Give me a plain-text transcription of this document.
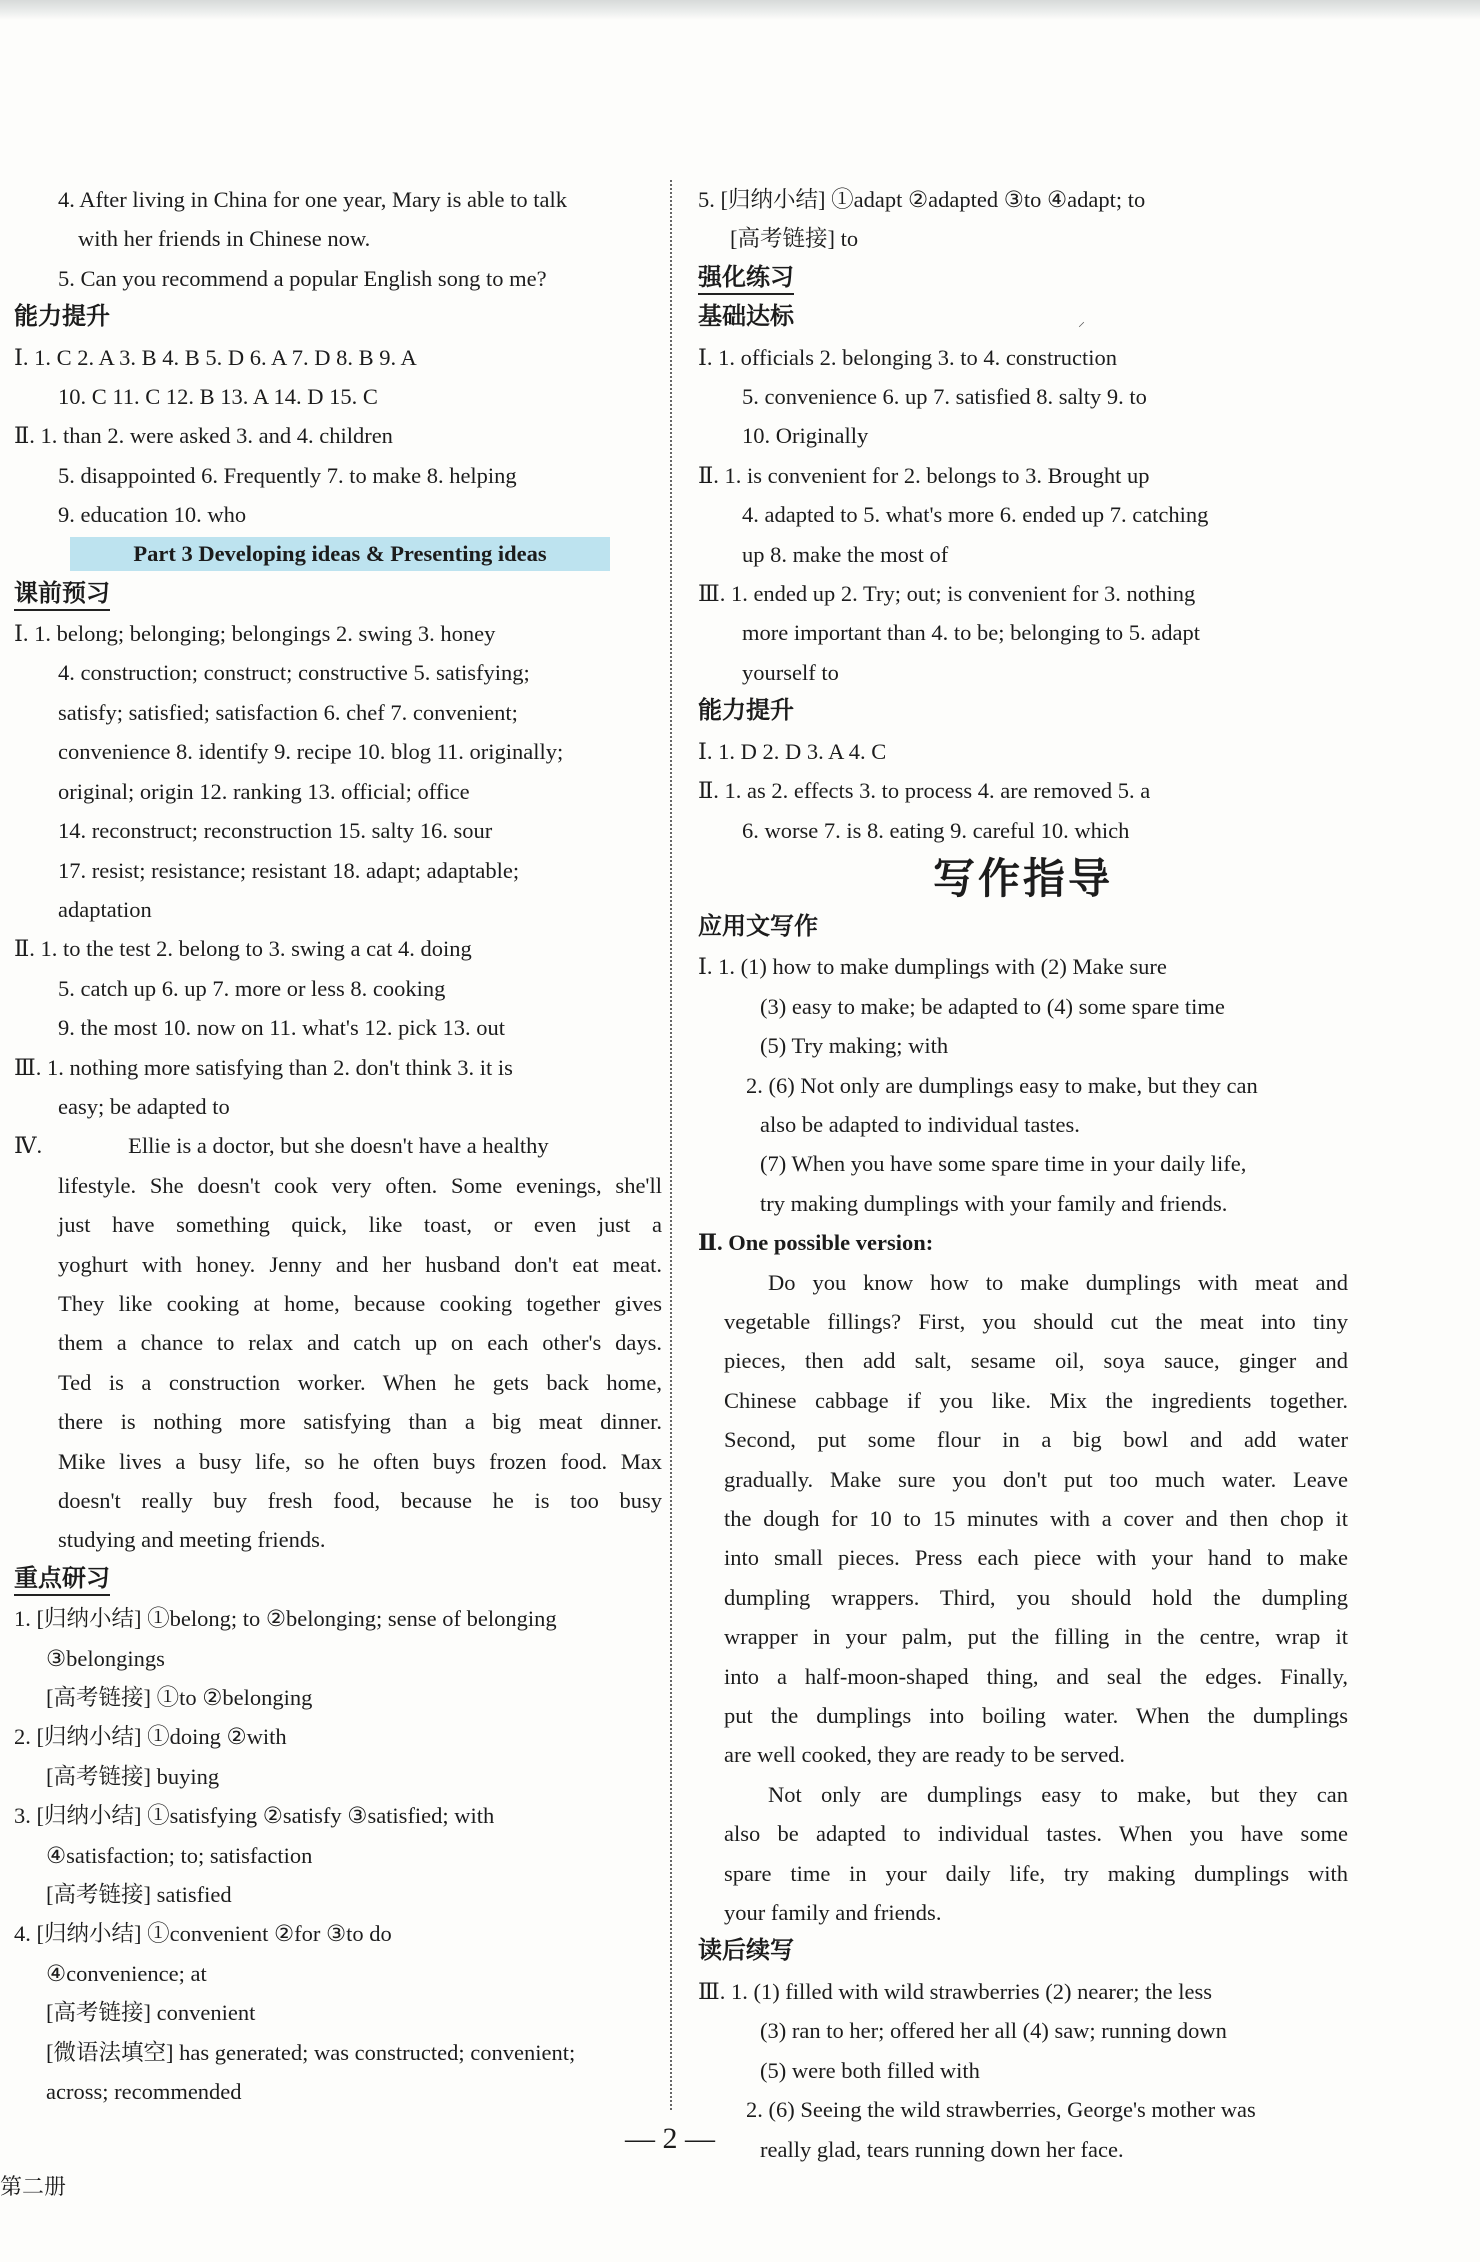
4. After living in China for one year, Mary is able to talk
with her friends in Chinese now.
5. Can you recommend a popular English song to me?
能力提升
Ⅰ. 1. C 2. A 3. B 4. B 5. D 6. A 7. D 8. B 9. A
10. C 11. C 12. B 13. A 14. D 15. C
Ⅱ. 1. than 2. were asked 3. and 4. children
5. disappointed 6. Frequently 7. to make 8. helping
9. education 10. who
Part 3 Developing ideas & Presenting ideas
课前预习
Ⅰ. 1. belong; belonging; belongings 2. swing 3. honey
4. construction; construct; constructive 5. satisfying;
satisfy; satisfied; satisfaction 6. chef 7. convenient;
convenience 8. identify 9. recipe 10. blog 11. originally;
original; origin 12. ranking 13. official; office
14. reconstruct; reconstruction 15. salty 16. sour
17. resist; resistance; resistant 18. adapt; adaptable;
adaptation
Ⅱ. 1. to the test 2. belong to 3. swing a cat 4. doing
5. catch up 6. up 7. more or less 8. cooking
9. the most 10. now on 11. what's 12. pick 13. out
Ⅲ. 1. nothing more satisfying than 2. don't think 3. it is
easy; be adapted to
Ⅳ.	Ellie is a doctor, but she doesn't have a healthy
lifestyle. She doesn't cook very often. Some evenings, she'll
just have something quick, like toast, or even just a
yoghurt with honey. Jenny and her husband don't eat meat.
They like cooking at home, because cooking together gives
them a chance to relax and catch up on each other's days.
Ted is a construction worker. When he gets back home,
there is nothing more satisfying than a big meat dinner.
Mike lives a busy life, so he often buys frozen food. Max
doesn't really buy fresh food, because he is too busy
studying and meeting friends.
重点研习
1. [归纳小结] ①belong; to ②belonging; sense of belonging
③belongings
[高考链接] ①to ②belonging
2. [归纳小结] ①doing ②with
[高考链接] buying
3. [归纳小结] ①satisfying ②satisfy ③satisfied; with
④satisfaction; to; satisfaction
[高考链接] satisfied
4. [归纳小结] ①convenient ②for ③to do
④convenience; at
[高考链接] convenient
[微语法填空] has generated; was constructed; convenient;
across; recommended
5. [归纳小结] ①adapt ②adapted ③to ④adapt; to
[高考链接] to
强化练习
基础达标
Ⅰ. 1. officials 2. belonging 3. to 4. construction
5. convenience 6. up 7. satisfied 8. salty 9. to
10. Originally
Ⅱ. 1. is convenient for 2. belongs to 3. Brought up
4. adapted to 5. what's more 6. ended up 7. catching
up 8. make the most of
Ⅲ. 1. ended up 2. Try; out; is convenient for 3. nothing
more important than 4. to be; belonging to 5. adapt
yourself to
能力提升
Ⅰ. 1. D 2. D 3. A 4. C
Ⅱ. 1. as 2. effects 3. to process 4. are removed 5. a
6. worse 7. is 8. eating 9. careful 10. which
写作指导
应用文写作
Ⅰ. 1. (1) how to make dumplings with (2) Make sure
(3) easy to make; be adapted to (4) some spare time
(5) Try making; with
2. (6) Not only are dumplings easy to make, but they can
also be adapted to individual tastes.
(7) When you have some spare time in your daily life,
try making dumplings with your family and friends.
Ⅱ. One possible version:
Do you know how to make dumplings with meat and
vegetable fillings? First, you should cut the meat into tiny
pieces, then add salt, sesame oil, soya sauce, ginger and
Chinese cabbage if you like. Mix the ingredients together.
Second, put some flour in a big bowl and add water
gradually. Make sure you don't put too much water. Leave
the dough for 10 to 15 minutes with a cover and then chop it
into small pieces. Press each piece with your hand to make
dumpling wrappers. Third, you should hold the dumpling
wrapper in your palm, put the filling in the centre, wrap it
into a half-moon-shaped thing, and seal the edges. Finally,
put the dumplings into boiling water. When the dumplings
are well cooked, they are ready to be served.
Not only are dumplings easy to make, but they can
also be adapted to individual tastes. When you have some
spare time in your daily life, try making dumplings with
your family and friends.
读后续写
Ⅲ. 1. (1) filled with wild strawberries (2) nearer; the less
(3) ran to her; offered her all (4) saw; running down
(5) were both filled with
2. (6) Seeing the wild strawberries, George's mother was
really glad, tears running down her face.
⸝
— 2 —
第二册
